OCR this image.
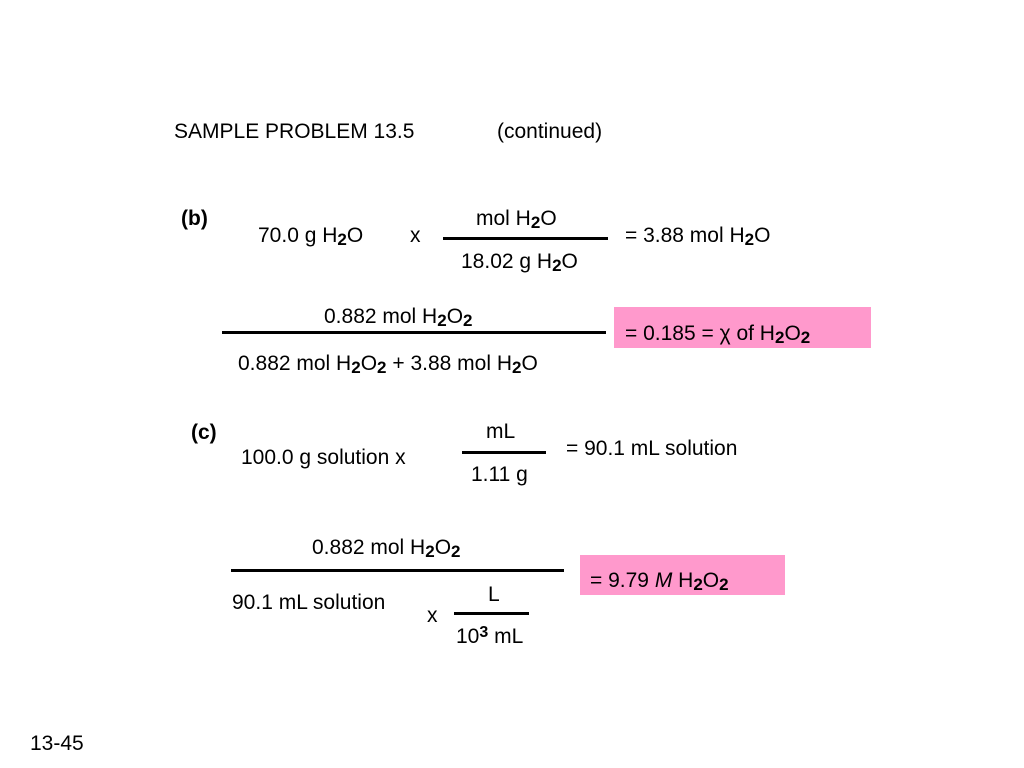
SAMPLE PROBLEM 13.5	(continued)
(b)
70.0 g H2O x
mol H2O
18.02 g H2O
= 3.88 mol H2O
0.882 mol H2O2
0.882 mol H2O2 + 3.88 mol H2O
= 0.185 = χ of H2O2
(c)
100.0 g solution x
mL
1.11 g
= 90.1 mL solution
0.882 mol H2O2
90.1 mL solution
x
L
$10^3$ mL
= 9.79 M H2O2
13-45
